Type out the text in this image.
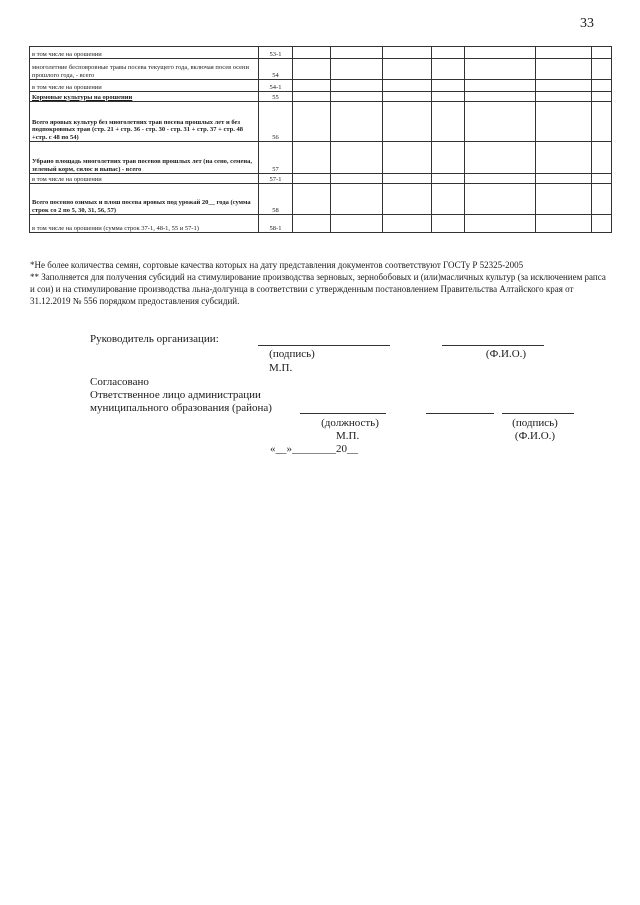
33
в том числе на орошении	53-1							
многолетние бесповровные травы посева текущего года, включая посев осени прошлого года, - всего	54							
в том числе на орошении	54-1							
Кормовые культуры на орошении	55							
Всего яровых культур без многолетних трав посева прошлых лет и без подпокровных трав (стр. 21 + стр. 36 - стр. 30 - стр. 31 + стр. 37 + стр. 48 +стр. с 48 по 54)	56							
Убрано площадь многолетних трав посевов прошлых лет (на сено, семена, зеленый корм, силос и выпас) - всего	57							
в том числе на орошении	57-1							
Всего посевно озимых и плош посева яровых под урожай 20__ года (сумма строк со 2 по 5, 30, 31, 56, 57)	58							
в том числе на орошении (сумма строк 37-1, 48-1, 55 и 57-1)	58-1							

*Не более количества семян, сортовые качества которых на дату представления документов соответствуют ГОСТу Р 52325-2005

** Заполняется для получения субсидий на стимулирование производства зерновых, зернобобовых и (или)масличных культур (за исключением рапса и сои) и на стимулирование производства льна-долгунца в соответствии с утвержденным постановлением Правительства Алтайского края от 31.12.2019 № 556 порядком предоставления субсидий.

Руководитель организации:
(подпись)	(Ф.И.О.)
М.П.
Согласовано
Ответственное лицо администрации
муниципального образования (района)
(должность)	(подпись)
М.П.	(Ф.И.О.)
«__»________20__
